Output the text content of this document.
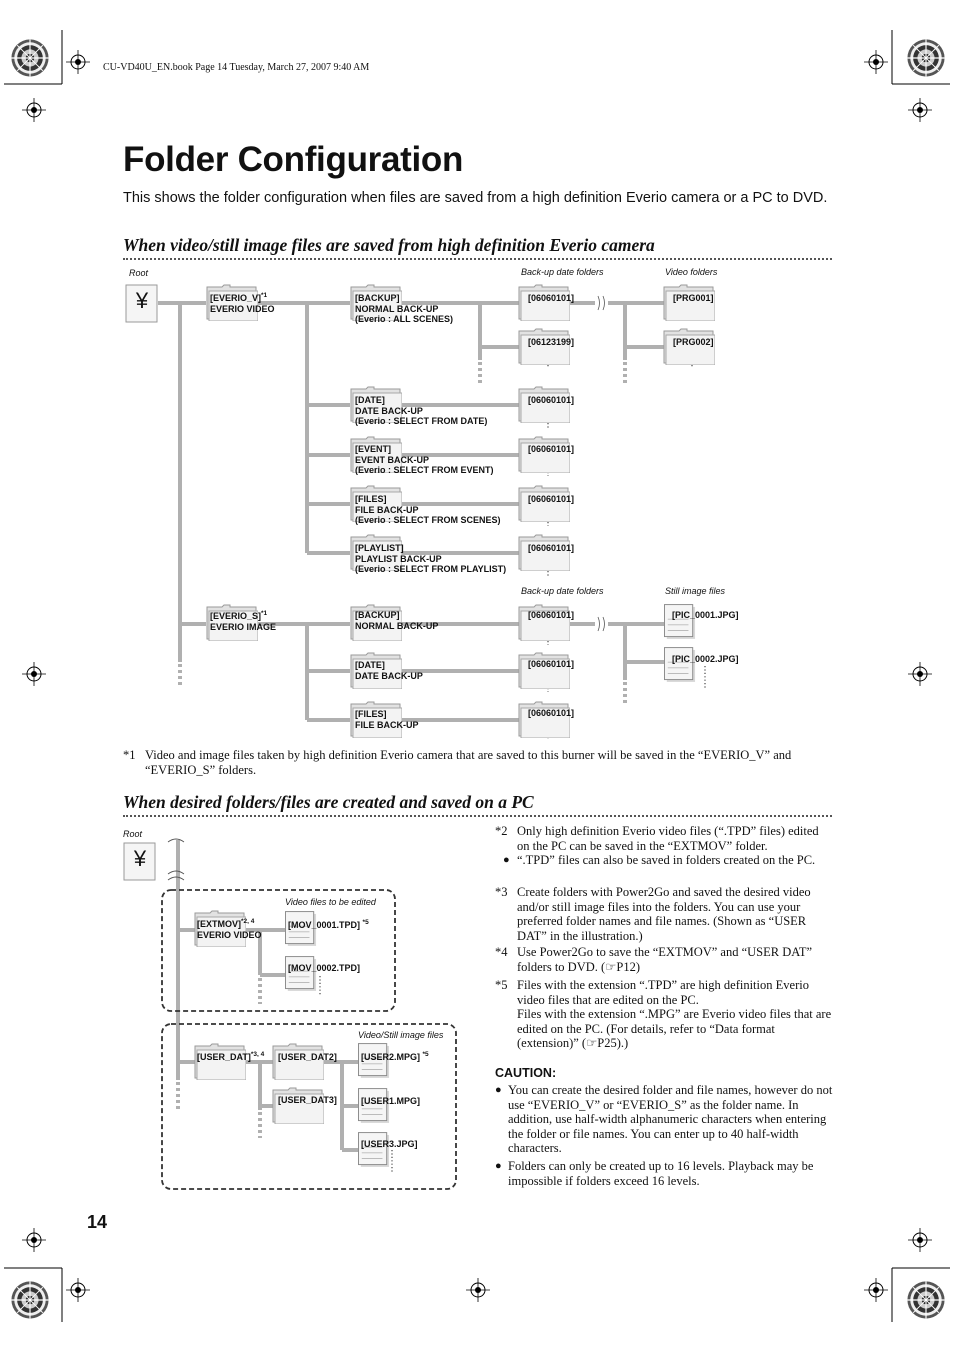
CU-VD40U_EN.book Page 14 Tuesday, March 27, 2007 9:40 AM
Folder Configuration
This shows the folder configuration when files are saved from a high definition Everio camera or a PC to DVD.
When video/still image files are saved from high definition Everio camera
Root
¥
Back-up date folders	Video folders
Back-up date folders	Still image files
[EVERIO_V]$^{*1}$
EVERIO VIDEO
[EVERIO_S]$^{*1}$
EVERIO IMAGE
[BACKUP]
NORMAL BACK-UP
(Everio : ALL SCENES)
[DATE]
DATE BACK-UP
(Everio : SELECT FROM DATE)
[EVENT]
EVENT BACK-UP
(Everio : SELECT FROM EVENT)
[FILES]
FILE BACK-UP
(Everio : SELECT FROM SCENES)
[PLAYLIST]
PLAYLIST BACK-UP
(Everio : SELECT FROM PLAYLIST)
[BACKUP]
NORMAL BACK-UP
[DATE]
DATE BACK-UP
[FILES]
FILE BACK-UP
[06060101]
[06123199]
[06060101]
[06060101]
[06060101]
[06060101]
[06060101]
[06060101]
[06060101]
[PRG001]
[PRG002]
[PIC_0001.JPG]
[PIC_0002.JPG]
*1 Video and image files taken by high definition Everio camera that are saved to this burner will be saved in the “EVERIO_V” and “EVERIO_S” folders.
When desired folders/files are created and saved on a PC
Root
¥
Video files to be edited
Video/Still image files
[EXTMOV]$^{*2, 4}$
EVERIO VIDEO
[MOV_0001.TPD] $^{*5}$
[MOV_0002.TPD]
[USER_DAT]$^{*3, 4}$ [USER_DAT2]
[USER_DAT3]
[USER2.MPG] $^{*5}$
[USER1.MPG]
[USER3.JPG]
*2 Only high definition Everio video files (“.TPD” files) edited on the PC can be saved in the “EXTMOV” folder.
● “.TPD” files can also be saved in folders created on the PC.
*3 Create folders with Power2Go and saved the desired video and/or still image files into the folders. You can use your preferred folder names and file names. (Shown as “USER DAT” in the illustration.)
*4 Use Power2Go to save the “EXTMOV” and “USER DAT” folders to DVD. (☞P12)
*5 Files with the extension “.TPD” are high definition Everio video files that are edited on the PC.
Files with the extension “.MPG” are Everio video files that are edited on the PC. (For details, refer to “Data format (extension)” (☞P25).)
CAUTION:
● You can create the desired folder and file names, however do not use “EVERIO_V” or “EVERIO_S” as the folder name. In addition, use half-width alphanumeric characters when entering the folder or file names. You can enter up to 40 half-width characters.
● Folders can only be created up to 16 levels. Playback may be impossible if folders exceed 16 levels.
14
